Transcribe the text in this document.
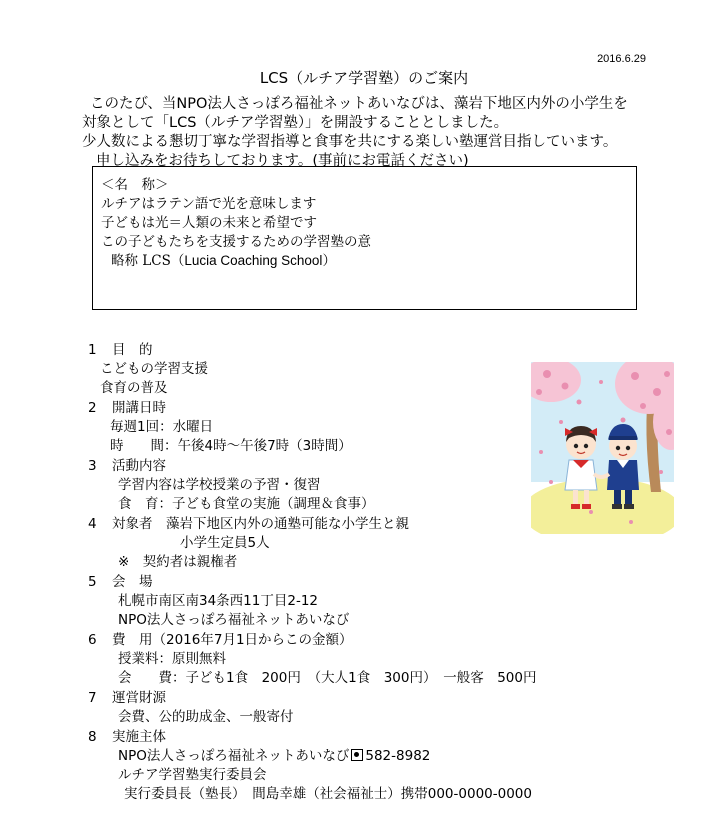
2016.6.29
LCS（ルチア学習塾）のご案内
このたび、当NPO法人さっぽろ福祉ネットあいなびは、藻岩下地区内外の小学生を
対象として「LCS（ルチア学習塾）」を開設することとしました。
少人数による懇切丁寧な学習指導と食事を共にする楽しい塾運営目指しています。
申し込みをお待ちしております。(事前にお電話ください)
＜名　称＞
ルチアはラテン語で光を意味します
子どもは光＝人類の未来と希望です
この子どもたちを支援するための学習塾の意
略称 LCS（Lucia Coaching School）
1 目　的
こどもの学習支援
食育の普及
2 開講日時
毎週1回：水曜日
時　　間：午後4時～午後7時（3時間）
3 活動内容
学習内容は学校授業の予習・復習
食　育：子ども食堂の実施（調理＆食事）
4 対象者　藻岩下地区内外の通塾可能な小学生と親
小学生定員5人
※　契約者は親権者
5 会　場
札幌市南区南34条西11丁目2-12
NPO法人さっぽろ福祉ネットあいなび
6 費　用（2016年7月1日からこの金額）
授業料：原則無料
会　　費：子ども1食　200円　（大人1食　300円）　一般客　500円
7 運営財源
会費、公的助成金、一般寄付
8 実施主体
NPO法人さっぽろ福祉ネットあいなび 582-8982
ルチア学習塾実行委員会
実行委員長（塾長）　間島幸雄（社会福祉士）携帯000-0000-0000
